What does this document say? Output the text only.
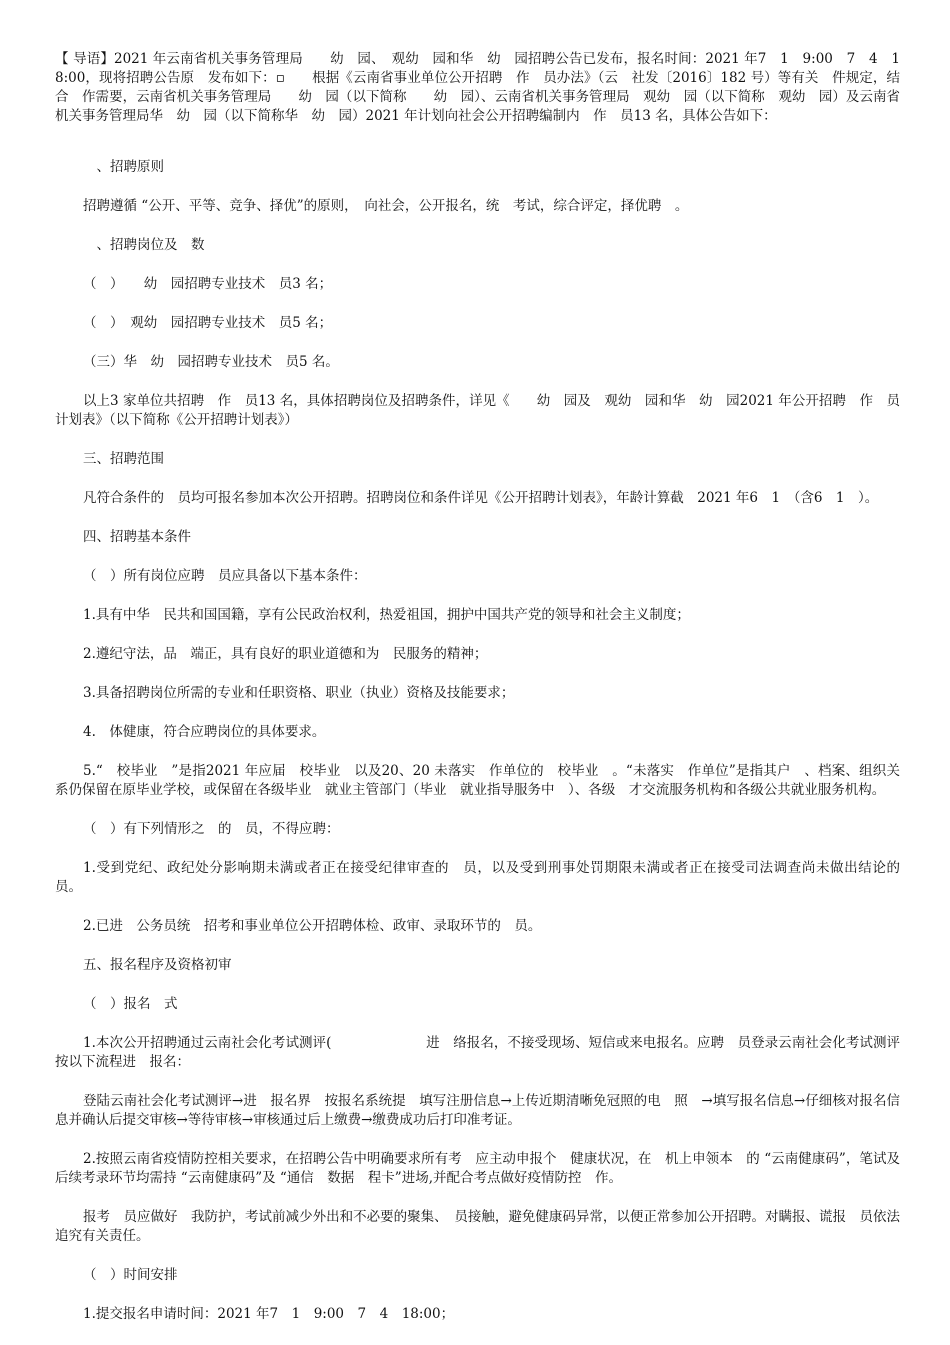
【 导语】2021 年云南省机关事务管理局　　幼　园、　观幼　园和华　幼　园招聘公告已发布，报名时间：2021 年7　1　9:00　7　4　18:00，现将招聘公告原　发布如下：▫　　根据《云南省事业单位公开招聘　作　员办法》（云　社发〔2016〕182 号）等有关　件规定，结合　作需要，云南省机关事务管理局　　幼　园（以下简称　　幼　园）、云南省机关事务管理局　观幼　园（以下简称　观幼　园）及云南省机关事务管理局华　幼　园（以下简称华　幼　园）2021 年计划向社会公开招聘编制内　作　员13 名，具体公告如下：

　、招聘原则

招聘遵循 “公开、平等、竞争、择优”的原则，　向社会，公开报名，统　考试，综合评定，择优聘　。

　、招聘岗位及　数

（　）　　幼　园招聘专业技术　员3 名；

（　）　观幼　园招聘专业技术　员5 名；

（三）华　幼　园招聘专业技术　员5 名。

以上3 家单位共招聘　作　员13 名，具体招聘岗位及招聘条件，详见《　　幼　园及　观幼　园和华　幼　园2021 年公开招聘　作　员计划表》（以下简称《公开招聘计划表》）

三、招聘范围

凡符合条件的　员均可报名参加本次公开招聘。招聘岗位和条件详见《公开招聘计划表》，年龄计算截　2021 年6　1　（含6　1　）。

四、招聘基本条件

（　）所有岗位应聘　员应具备以下基本条件：

1.具有中华　民共和国国籍，享有公民政治权利，热爱祖国，拥护中国共产党的领导和社会主义制度；

2.遵纪守法，品　端正，具有良好的职业道德和为　民服务的精神；

3.具备招聘岗位所需的专业和任职资格、职业（执业）资格及技能要求；

4.　体健康，符合应聘岗位的具体要求。

5.“　校毕业　”是指2021 年应届　校毕业　以及20、20 未落实　作单位的　校毕业　。“未落实　作单位”是指其户　、档案、组织关系仍保留在原毕业学校，或保留在各级毕业　就业主管部门（毕业　就业指导服务中　）、各级　才交流服务机构和各级公共就业服务机构。

（　）有下列情形之　的　员，不得应聘：

1.受到党纪、政纪处分影响期未满或者正在接受纪律审查的　员，以及受到刑事处罚期限未满或者正在接受司法调查尚未做出结论的　员。

2.已进　公务员统　招考和事业单位公开招聘体检、政审、录取环节的　员。

五、报名程序及资格初审

（　）报名　式

1.本次公开招聘通过云南社会化考试测评(　　　　　　　进　络报名，不接受现场、短信或来电报名。应聘　员登录云南社会化考试测评按以下流程进　报名：

登陆云南社会化考试测评→进　报名界　按报名系统提　填写注册信息→上传近期清晰免冠照的电　照　→填写报名信息→仔细核对报名信息并确认后提交审核→等待审核→审核通过后上缴费→缴费成功后打印准考证。

2.按照云南省疫情防控相关要求，在招聘公告中明确要求所有考　应主动申报个　健康状况，在　机上申领本　的 “云南健康码”，笔试及后续考录环节均需持 “云南健康码”及 “通信　数据　程卡”进场,并配合考点做好疫情防控　作。

报考　员应做好　我防护，考试前减少外出和不必要的聚集、　员接触，避免健康码异常，以便正常参加公开招聘。对瞒报、谎报　员依法追究有关责任。

（　）时间安排

1.提交报名申请时间：2021 年7　1　9:00　7　4　18:00；
